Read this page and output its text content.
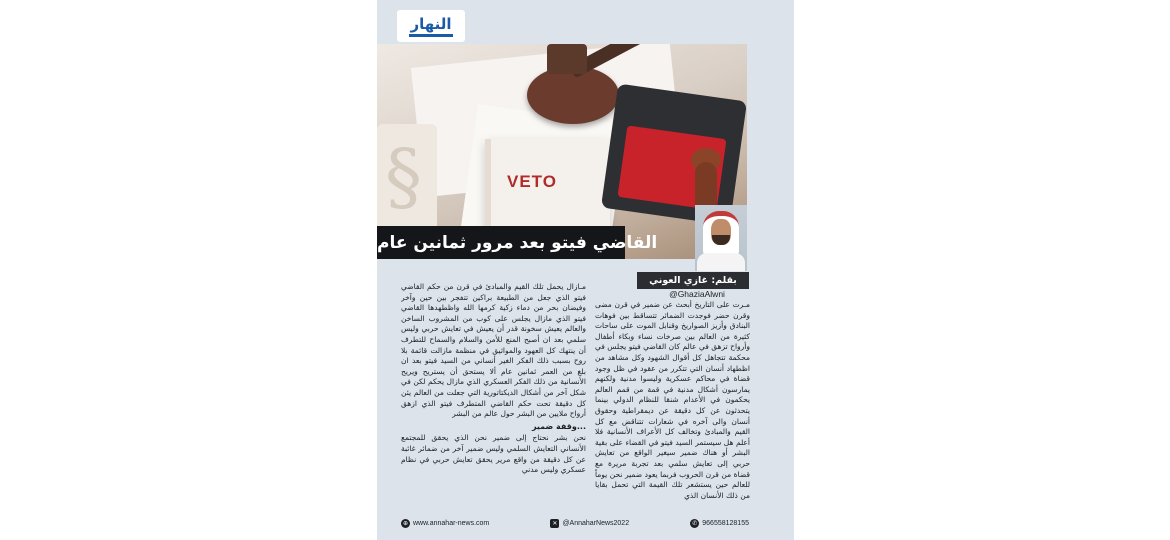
النهار
§	VETO
القاضي فيتو بعد مرور ثمانين عام
بقلم: غازي العوني
@GhaziaAlwni

مـرت على التاريخ أبحث عن ضمير في قرن مضى وقرن حضر فوجدت الضمائر تتساقط بين فوهات البنادق وأزيز الصواريخ وقنابل الموت على ساحات كثيرة من العالم بين صرخات نساء وبكاء أطفال وأرواح تزهق في عالم كان القاضي فيتو يجلس في محكمة تتجاهل كل أقوال الشهود وكل مشاهد من اظطهاد أنسان التي تتكرر من عقود في ظل وجود قضاة في محاكم عسكرية وليسوا مدنية ولكنهم يمارسون أشكال مدنية في قمة من قمم العالم يحكمون في الأعدام شنقا للنظام الدولي بينما يتحدثون عن كل دقيقة عن ديمقراطية وحقوق أنسان والى آخره في شعارات تتناقض مع كل القيم والمبادئ وتخالف كل الأعراف الأنسانية فلا أعلم هل سيستمر السيد فيتو في القضاء على بقية البشر أو هناك ضمير سيغير الواقع من تعايش حربي إلى تعايش سلمي بعد تجربة مريرة مع قضاة من قرن الحروب فربما يعود ضمير نحن يوماً للعالم حين يستشعر تلك القيمة التي تحمل بقايا من ذلك الأنسان الذي

مـازال يحمل تلك القيم والمبادئ في قرن من حكم القاضي فيتو الذي جعل من الطبيعة براكين تتفجر بين حين وآخر وفيضان بحر من دماء زكية كرمها الله واظطهدها القاضي فيتو الذي مازال يجلس على كوب من المشروب الساخن والعالم يعيش سخونة قدر أن يعيش في تعايش حربي وليس سلمي بعد ان أصبح المنع للأمن والسلام والسماح للتطرف أن ينتهك كل العهود والمواثيق في منظمة مازالت قائمة بلا روح بسبب ذلك الفكر الغير أنساني من السيد فيتو بعد ان بلغ من العمر ثمانين عام ألا يستحق أن يستريح ويريح الأنسانية من ذلك الفكر العسكري الذي مازال يحكم لكن في شكل آخر من أشكال الديكتاتورية التي جعلت من العالم يئن كل دقيقة تحت حكم القاضي المتطرف فيتو الذي ازهق أرواح ملايين من البشر حول عالم من البشر

...وقفة ضمير

نحن بشر نحتاج إلى ضمير نحن الذي يحقق للمجتمع الأنساني التعايش السلمي وليس ضمير آخر من ضمائر غائبة عن كل دقيقة من واقع مرير يحقق تعايش حربي في نظام عسكري وليس مدني

⊕ www.annahar-news.com	✕ @AnnaharNews2022	✆ 966558128155
